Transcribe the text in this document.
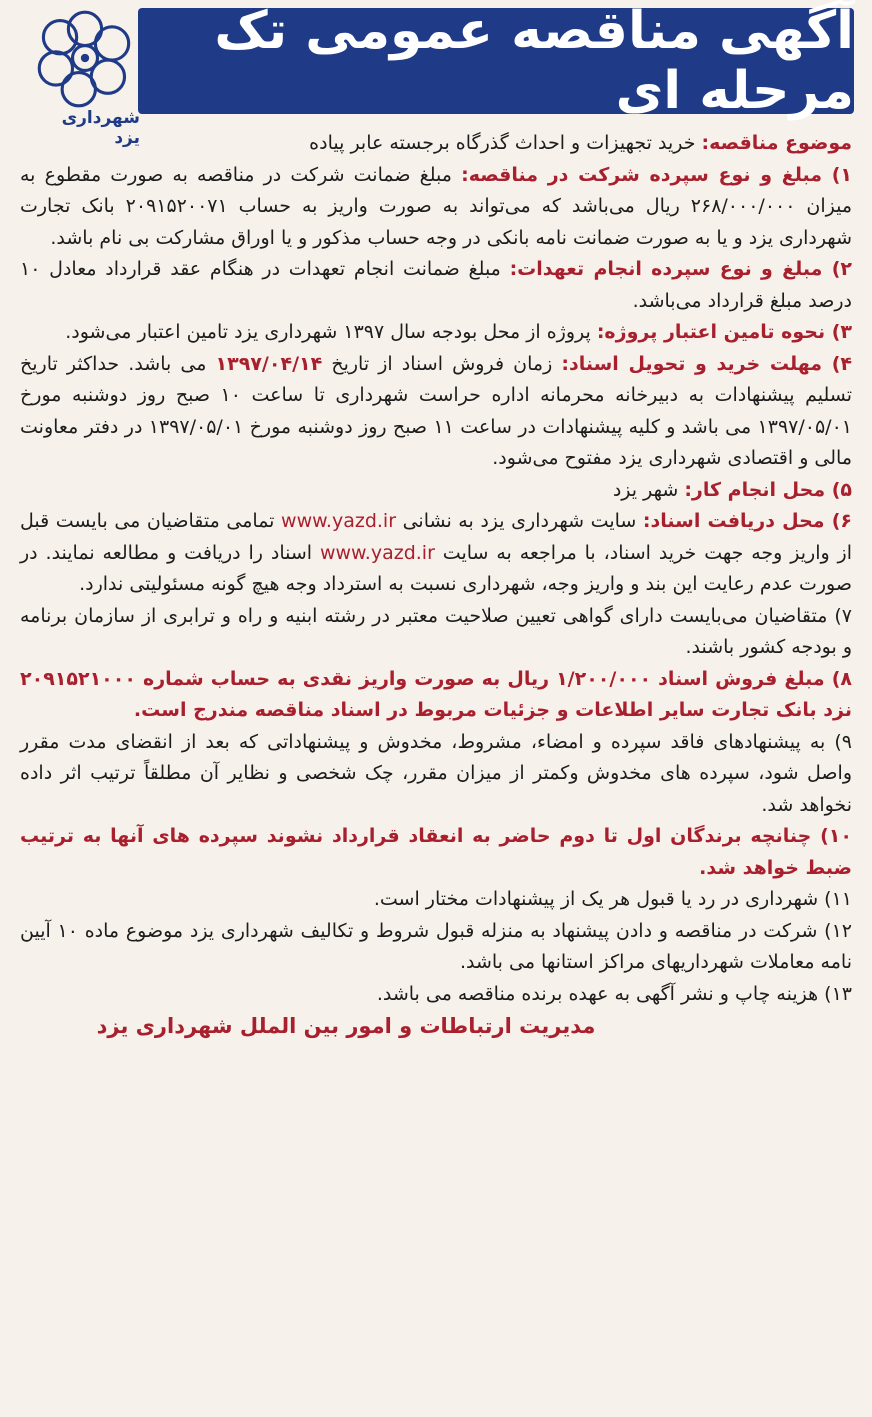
آگهی مناقصه عمومی تک مرحله ای
شهرداری یزد	موضوع مناقصه: خرید تجهیزات و احداث گذرگاه برجسته عابر پیاده

۱) مبلغ و نوع سپرده شرکت در مناقصه: مبلغ ضمانت شرکت در مناقصه به صورت مقطوع به میزان ۲۶۸/۰۰۰/۰۰۰ ریال می‌باشد که می‌تواند به صورت واریز به حساب ۲۰۹۱۵۲۰۰۷۱ بانک تجارت شهرداری یزد و یا به صورت ضمانت نامه بانکی در وجه حساب مذکور و یا اوراق مشارکت بی نام باشد.

۲) مبلغ و نوع سپرده انجام تعهدات: مبلغ ضمانت انجام تعهدات در هنگام عقد قرارداد معادل ۱۰ درصد مبلغ قرارداد می‌باشد.

۳) نحوه تامین اعتبار پروژه: پروژه از محل بودجه سال ۱۳۹۷ شهرداری یزد تامین اعتبار می‌شود.

۴) مهلت خرید و تحویل اسناد: زمان فروش اسناد از تاریخ ۱۳۹۷/۰۴/۱۴ می باشد. حداکثر تاریخ تسلیم پیشنهادات به دبیرخانه محرمانه اداره حراست شهرداری تا ساعت ۱۰ صبح روز دوشنبه مورخ ۱۳۹۷/۰۵/۰۱ می باشد و کلیه پیشنهادات در ساعت ۱۱ صبح روز دوشنبه مورخ ۱۳۹۷/۰۵/۰۱ در دفتر معاونت مالی و اقتصادی شهرداری یزد مفتوح می‌شود.

۵) محل انجام کار: شهر یزد

۶) محل دریافت اسناد: سایت شهرداری یزد به نشانی www.yazd.ir تمامی متقاضیان می بایست قبل از واریز وجه جهت خرید اسناد، با مراجعه به سایت www.yazd.ir اسناد را دریافت و مطالعه نمایند. در صورت عدم رعایت این بند و واریز وجه، شهرداری نسبت به استرداد وجه هیچ گونه مسئولیتی ندارد.

۷) متقاضیان می‌بایست دارای گواهی تعیین صلاحیت معتبر در رشته ابنیه و راه و ترابری از سازمان برنامه و بودجه کشور باشند.

۸) مبلغ فروش اسناد ۱/۲۰۰/۰۰۰ ریال به صورت واریز نقدی به حساب شماره ۲۰۹۱۵۲۱۰۰۰ نزد بانک تجارت سایر اطلاعات و جزئیات مربوط در اسناد مناقصه مندرج است.

۹) به پیشنهادهای فاقد سپرده و امضاء، مشروط، مخدوش و پیشنهاداتی که بعد از انقضای مدت مقرر واصل شود، سپرده های مخدوش وکمتر از میزان مقرر، چک شخصی و نظایر آن مطلقاً ترتیب اثر داده نخواهد شد.

۱۰) چنانچه برندگان اول تا دوم حاضر به انعقاد قرارداد نشوند سپرده های آنها به ترتیب ضبط خواهد شد.

۱۱) شهرداری در رد یا قبول هر یک از پیشنهادات مختار است.

۱۲) شرکت در مناقصه و دادن پیشنهاد به منزله قبول شروط و تکالیف شهرداری یزد موضوع ماده ۱۰ آیین نامه معاملات شهرداریهای مراکز استانها می باشد.

۱۳) هزینه چاپ و نشر آگهی به عهده برنده مناقصه می باشد.

مدیریت ارتباطات و امور بین الملل شهرداری یزد
